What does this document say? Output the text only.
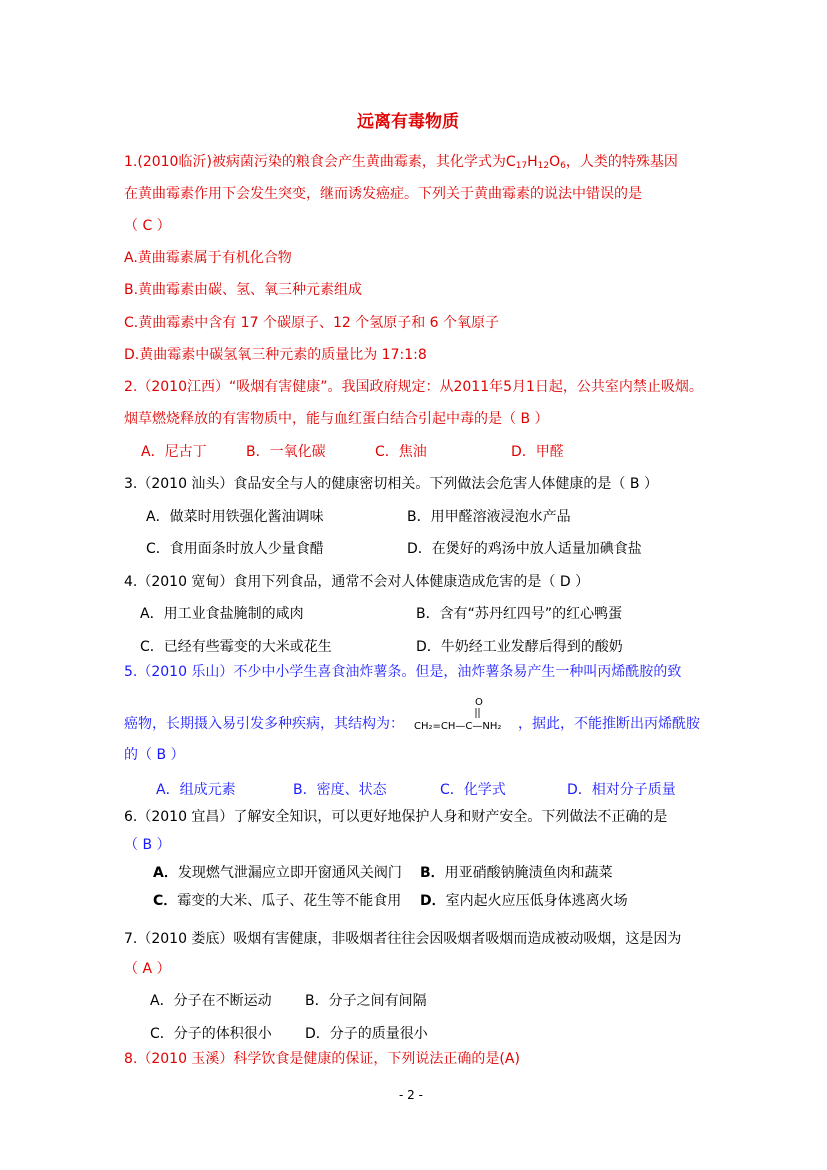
远离有毒物质
1.(2010临沂)被病菌污染的粮食会产生黄曲霉素，其化学式为$C_{17}H_{12}O_6$，人类的特殊基因
在黄曲霉素作用下会发生突变，继而诱发癌症。下列关于黄曲霉素的说法中错误的是
（ C ）
A.黄曲霉素属于有机化合物
B.黄曲霉素由碳、氢、氧三种元素组成
C.黄曲霉素中含有 17 个碳原子、12 个氢原子和 6 个氧原子
D.黄曲霉素中碳氢氧三种元素的质量比为 17:1:8
2.（2010江西）“吸烟有害健康”。我国政府规定：从2011年5月1日起，公共室内禁止吸烟。
烟草燃烧释放的有害物质中，能与血红蛋白结合引起中毒的是（ B ）
A．尼古丁	B．一氧化碳	C．焦油	D．甲醛
3.（2010 汕头）食品安全与人的健康密切相关。下列做法会危害人体健康的是（ B ）
A．做菜时用铁强化酱油调味	B．用甲醛溶液浸泡水产品
C．食用面条时放人少量食醋	D．在煲好的鸡汤中放人适量加碘食盐
4.（2010 宽甸）食用下列食品，通常不会对人体健康造成危害的是（ D ）
A．用工业食盐腌制的咸肉	B．含有“苏丹红四号”的红心鸭蛋
C．已经有些霉变的大米或花生	D．牛奶经工业发酵后得到的酸奶
5.（2010 乐山）不少中小学生喜食油炸薯条。但是，油炸薯条易产生一种叫丙烯酰胺的致
癌物，长期摄入易引发多种疾病，其结构为：
O
CH₂=CH—C—NH₂ ，据此，不能推断出丙烯酰胺
的（ B ）
A．组成元素	B．密度、状态	C．化学式	D．相对分子质量
6.（2010 宜昌）了解安全知识，可以更好地保护人身和财产安全。下列做法不正确的是
（ B ）
A．发现燃气泄漏应立即开窗通风关阀门 B．用亚硝酸钠腌渍鱼肉和蔬菜
C．霉变的大米、瓜子、花生等不能食用 D．室内起火应压低身体逃离火场
7.（2010 娄底）吸烟有害健康，非吸烟者往往会因吸烟者吸烟而造成被动吸烟，这是因为
（ A ）
A．分子在不断运动 B．分子之间有间隔
C．分子的体积很小 D．分子的质量很小
8.（2010 玉溪）科学饮食是健康的保证，下列说法正确的是(A)
- 2 -
